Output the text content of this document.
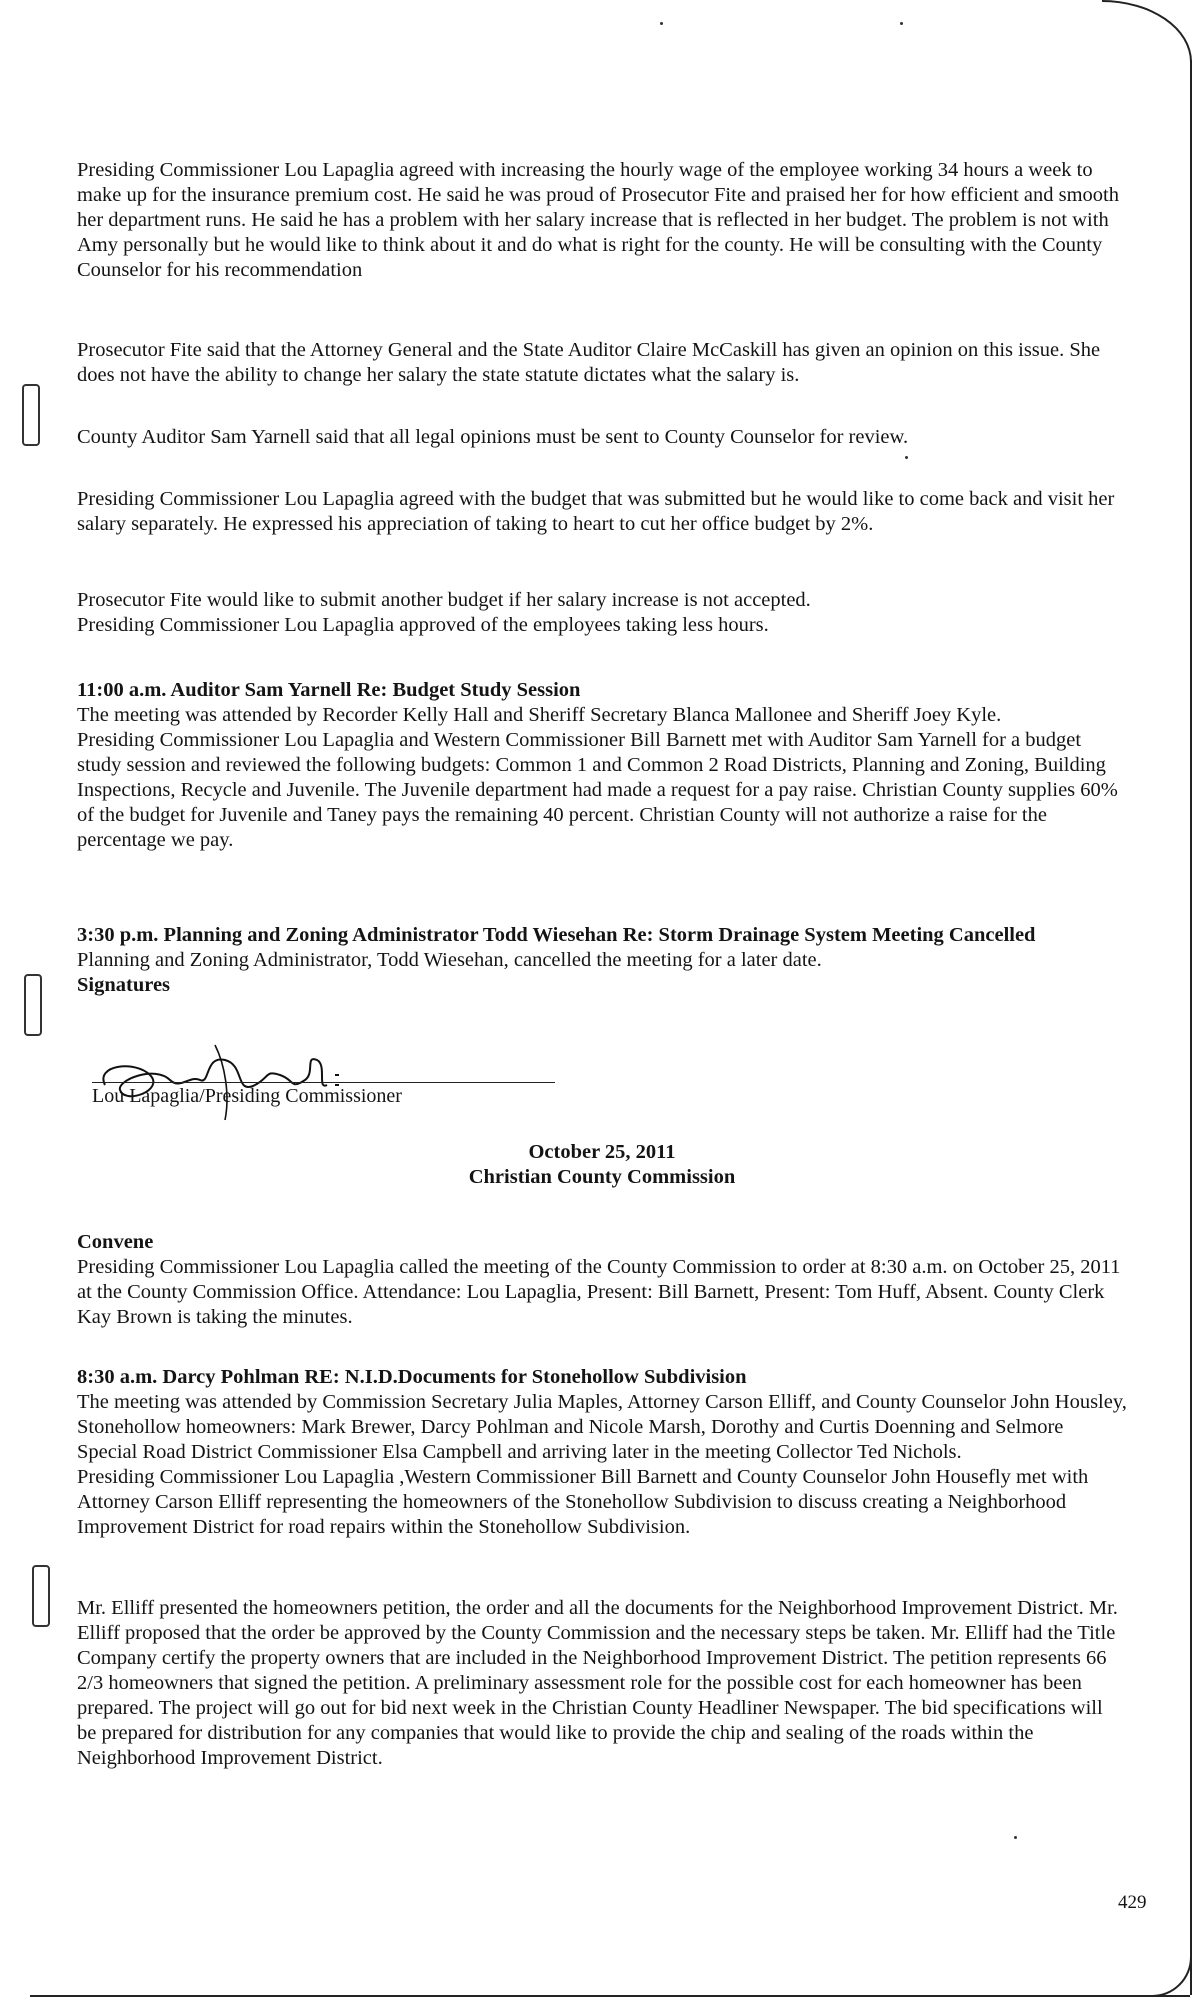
Presiding Commissioner Lou Lapaglia agreed with increasing the hourly wage of the employee working 34 hours a week to make up for the insurance premium cost. He said he was proud of Prosecutor Fite and praised her for how efficient and smooth her department runs. He said he has a problem with her salary increase that is reflected in her budget. The problem is not with Amy personally but he would like to think about it and do what is right for the county. He will be consulting with the County Counselor for his recommendation

Prosecutor Fite said that the Attorney General and the State Auditor Claire McCaskill has given an opinion on this issue. She does not have the ability to change her salary the state statute dictates what the salary is.

County Auditor Sam Yarnell said that all legal opinions must be sent to County Counselor for review.

Presiding Commissioner Lou Lapaglia agreed with the budget that was submitted but he would like to come back and visit her salary separately. He expressed his appreciation of taking to heart to cut her office budget by 2%.

Prosecutor Fite would like to submit another budget if her salary increase is not accepted.

Presiding Commissioner Lou Lapaglia approved of the employees taking less hours.

11:00 a.m. Auditor Sam Yarnell Re: Budget Study Session

The meeting was attended by Recorder Kelly Hall and Sheriff Secretary Blanca Mallonee and Sheriff Joey Kyle.

Presiding Commissioner Lou Lapaglia and Western Commissioner Bill Barnett met with Auditor Sam Yarnell for a budget study session and reviewed the following budgets: Common 1 and Common 2 Road Districts, Planning and Zoning, Building Inspections, Recycle and Juvenile. The Juvenile department had made a request for a pay raise. Christian County supplies 60% of the budget for Juvenile and Taney pays the remaining 40 percent. Christian County will not authorize a raise for the percentage we pay.

3:30 p.m. Planning and Zoning Administrator Todd Wiesehan Re: Storm Drainage System Meeting Cancelled

Planning and Zoning Administrator, Todd Wiesehan, cancelled the meeting for a later date.

Signatures

Lou Lapaglia/Presiding Commissioner

October 25, 2011

Christian County Commission

Convene

Presiding Commissioner Lou Lapaglia called the meeting of the County Commission to order at 8:30 a.m. on October 25, 2011 at the County Commission Office. Attendance: Lou Lapaglia, Present: Bill Barnett, Present: Tom Huff, Absent. County Clerk Kay Brown is taking the minutes.

8:30 a.m. Darcy Pohlman RE: N.I.D.Documents for Stonehollow Subdivision

The meeting was attended by Commission Secretary Julia Maples, Attorney Carson Elliff, and County Counselor John Housley, Stonehollow homeowners: Mark Brewer, Darcy Pohlman and Nicole Marsh, Dorothy and Curtis Doenning and Selmore Special Road District Commissioner Elsa Campbell and arriving later in the meeting Collector Ted Nichols.

Presiding Commissioner Lou Lapaglia ,Western Commissioner Bill Barnett and County Counselor John Housefly met with Attorney Carson Elliff representing the homeowners of the Stonehollow Subdivision to discuss creating a Neighborhood Improvement District for road repairs within the Stonehollow Subdivision.

Mr. Elliff presented the homeowners petition, the order and all the documents for the Neighborhood Improvement District. Mr. Elliff proposed that the order be approved by the County Commission and the necessary steps be taken. Mr. Elliff had the Title Company certify the property owners that are included in the Neighborhood Improvement District. The petition represents 66 2/3 homeowners that signed the petition. A preliminary assessment role for the possible cost for each homeowner has been prepared. The project will go out for bid next week in the Christian County Headliner Newspaper. The bid specifications will be prepared for distribution for any companies that would like to provide the chip and sealing of the roads within the Neighborhood Improvement District.

429
